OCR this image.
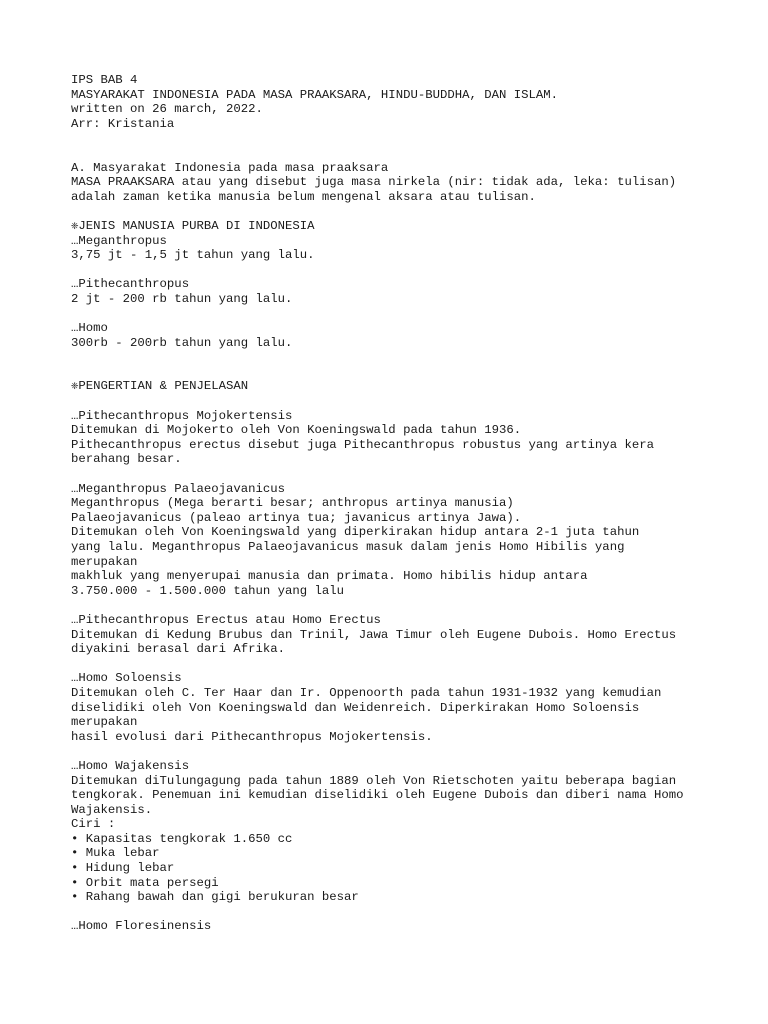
IPS BAB 4
MASYARAKAT INDONESIA PADA MASA PRAAKSARA, HINDU-BUDDHA, DAN ISLAM.
written on 26 march, 2022.
Arr: Kristania
A. Masyarakat Indonesia pada masa praaksara
MASA PRAAKSARA atau yang disebut juga masa nirkela (nir: tidak ada, leka: tulisan)
adalah zaman ketika manusia belum mengenal aksara atau tulisan.
❈JENIS MANUSIA PURBA DI INDONESIA
…Meganthropus
3,75 jt - 1,5 jt tahun yang lalu.
…Pithecanthropus
2 jt - 200 rb tahun yang lalu.
…Homo
300rb - 200rb tahun yang lalu.
❈PENGERTIAN & PENJELASAN
…Pithecanthropus Mojokertensis
Ditemukan di Mojokerto oleh Von Koeningswald pada tahun 1936.
Pithecanthropus erectus disebut juga Pithecanthropus robustus yang artinya kera
berahang besar.
…Meganthropus Palaeojavanicus
Meganthropus (Mega berarti besar; anthropus artinya manusia)
Palaeojavanicus (paleao artinya tua; javanicus artinya Jawa).
Ditemukan oleh Von Koeningswald yang diperkirakan hidup antara 2-1 juta tahun
yang lalu. Meganthropus Palaeojavanicus masuk dalam jenis Homo Hibilis yang
merupakan
makhluk yang menyerupai manusia dan primata. Homo hibilis hidup antara
3.750.000 - 1.500.000 tahun yang lalu
…Pithecanthropus Erectus atau Homo Erectus
Ditemukan di Kedung Brubus dan Trinil, Jawa Timur oleh Eugene Dubois. Homo Erectus
diyakini berasal dari Afrika.
…Homo Soloensis
Ditemukan oleh C. Ter Haar dan Ir. Oppenoorth pada tahun 1931-1932 yang kemudian
diselidiki oleh Von Koeningswald dan Weidenreich. Diperkirakan Homo Soloensis
merupakan
hasil evolusi dari Pithecanthropus Mojokertensis.
…Homo Wajakensis
Ditemukan diTulungagung pada tahun 1889 oleh Von Rietschoten yaitu beberapa bagian
tengkorak. Penemuan ini kemudian diselidiki oleh Eugene Dubois dan diberi nama Homo
Wajakensis.
Ciri :
• Kapasitas tengkorak 1.650 cc
• Muka lebar
• Hidung lebar
• Orbit mata persegi
• Rahang bawah dan gigi berukuran besar
…Homo Floresinensis
